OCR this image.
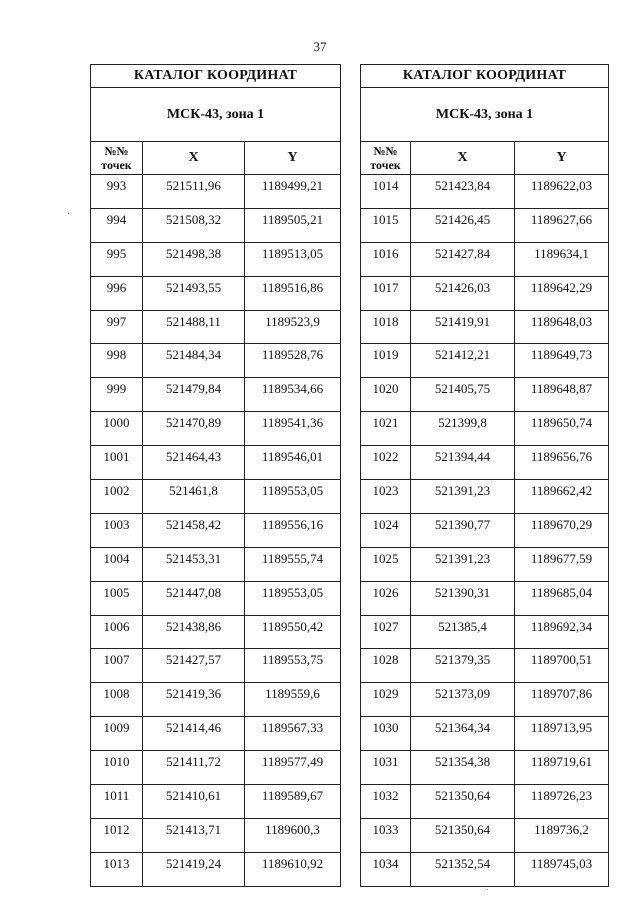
37
КАТАЛОГ КООРДИНАТ		
МСК-43, зона 1		
№№
точек	X	Y
993	521511,96	1189499,21
994	521508,32	1189505,21
995	521498,38	1189513,05
996	521493,55	1189516,86
997	521488,11	1189523,9
998	521484,34	1189528,76
999	521479,84	1189534,66
1000	521470,89	1189541,36
1001	521464,43	1189546,01
1002	521461,8	1189553,05
1003	521458,42	1189556,16
1004	521453,31	1189555,74
1005	521447,08	1189553,05
1006	521438,86	1189550,42
1007	521427,57	1189553,75
1008	521419,36	1189559,6
1009	521414,46	1189567,33
1010	521411,72	1189577,49
1011	521410,61	1189589,67
1012	521413,71	1189600,3
1013	521419,24	1189610,92
КАТАЛОГ КООРДИНАТ		
МСК-43, зона 1		
№№
точек	X	Y
1014	521423,84	1189622,03
1015	521426,45	1189627,66
1016	521427,84	1189634,1
1017	521426,03	1189642,29
1018	521419,91	1189648,03
1019	521412,21	1189649,73
1020	521405,75	1189648,87
1021	521399,8	1189650,74
1022	521394,44	1189656,76
1023	521391,23	1189662,42
1024	521390,77	1189670,29
1025	521391,23	1189677,59
1026	521390,31	1189685,04
1027	521385,4	1189692,34
1028	521379,35	1189700,51
1029	521373,09	1189707,86
1030	521364,34	1189713,95
1031	521354,38	1189719,61
1032	521350,64	1189726,23
1033	521350,64	1189736,2
1034	521352,54	1189745,03
